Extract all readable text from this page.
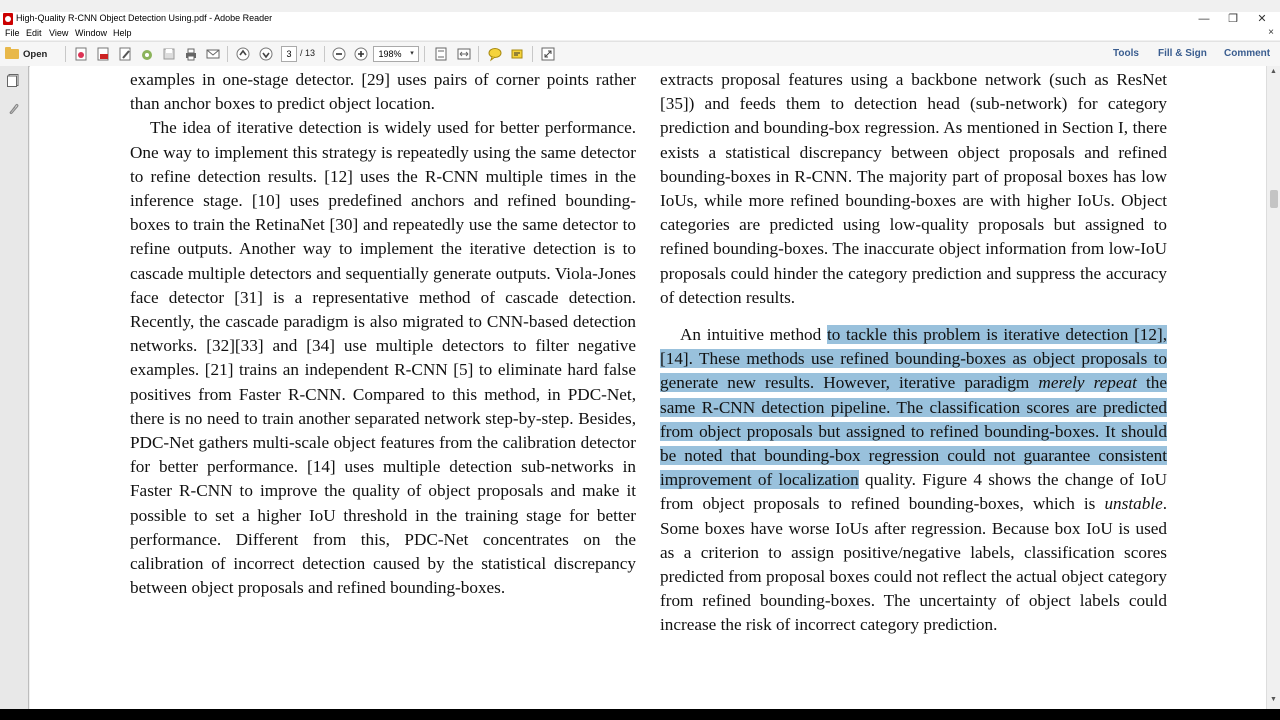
High-Quality R-CNN Object Detection Using.pdf - Adobe Reader	—	❐	✕
File Edit View Window Help	×
Open	3 / 13	198%	▾	Tools Fill & Sign Comment

examples in one-stage detector. [29] uses pairs of corner points rather than anchor boxes to predict object location.

The idea of iterative detection is widely used for better performance. One way to implement this strategy is repeatedly using the same detector to refine detection results. [12] uses the R-CNN multiple times in the inference stage. [10] uses predefined anchors and refined bounding-boxes to train the RetinaNet [30] and repeatedly use the same detector to refine outputs. Another way to implement the iterative detection is to cascade multiple detectors and sequentially generate outputs. Viola-Jones face detector [31] is a representative method of cascade detection. Recently, the cascade paradigm is also migrated to CNN-based detection networks. [32][33] and [34] use multiple detectors to filter negative examples. [21] trains an independent R-CNN [5] to eliminate hard false positives from Faster R-CNN. Compared to this method, in PDC-Net, there is no need to train another separated network step-by-step. Besides, PDC-Net gathers multi-scale object features from the calibration detector for better performance. [14] uses multiple detection sub-networks in Faster R-CNN to improve the quality of object proposals and make it possible to set a higher IoU threshold in the training stage for better performance. Different from this, PDC-Net concentrates on the calibration of incorrect detection caused by the statistical discrepancy between object proposals and refined bounding-boxes.

extracts proposal features using a backbone network (such as ResNet [35]) and feeds them to detection head (sub-network) for category prediction and bounding-box regression. As mentioned in Section I, there exists a statistical discrepancy between object proposals and refined bounding-boxes in R-CNN. The majority part of proposal boxes has low IoUs, while more refined bounding-boxes are with higher IoUs. Object categories are predicted using low-quality proposals but assigned to refined bounding-boxes. The inaccurate object information from low-IoU proposals could hinder the category prediction and suppress the accuracy of detection results.

An intuitive method to tackle this problem is iterative detection [12], [14]. These methods use refined bounding-boxes as object proposals to generate new results. However, iterative paradigm merely repeat the same R-CNN detection pipeline. The classification scores are predicted from object proposals but assigned to refined bounding-boxes. It should be noted that bounding-box regression could not guarantee consistent improvement of localization quality. Figure 4 shows the change of IoU from object proposals to refined bounding-boxes, which is unstable. Some boxes have worse IoUs after regression. Because box IoU is used as a criterion to assign positive/negative labels, classification scores predicted from proposal boxes could not reflect the actual object category from refined bounding-boxes. The uncertainty of object labels could increase the risk of incorrect category prediction.

▲
▼
